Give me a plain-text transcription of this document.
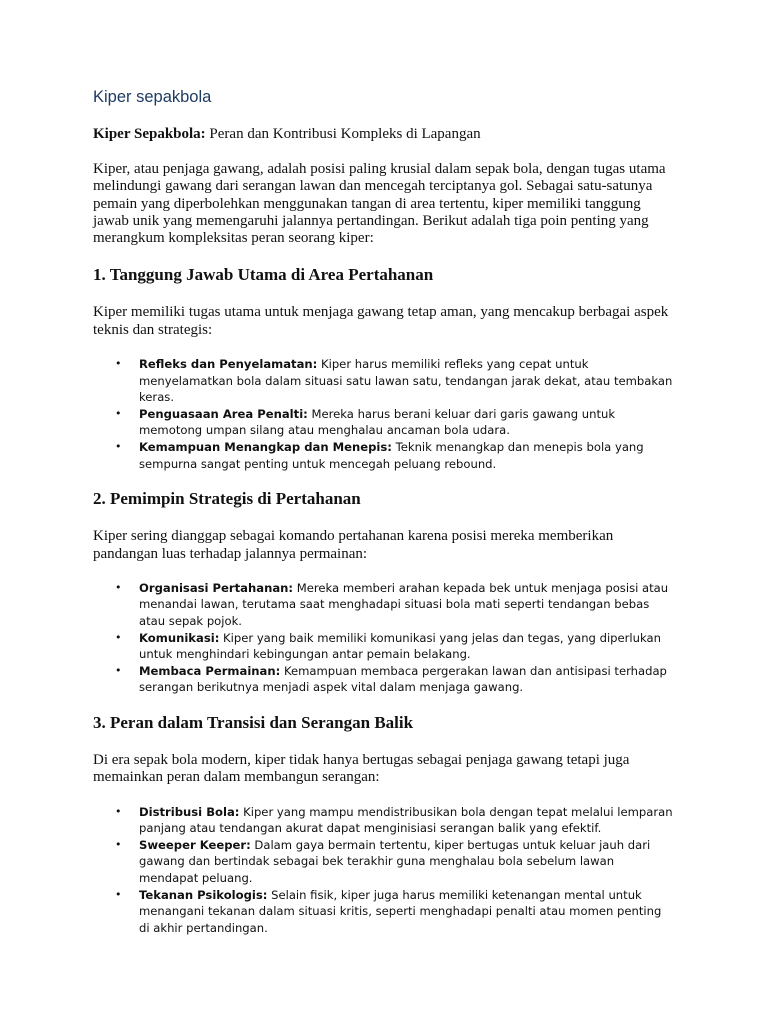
Kiper sepakbola
Kiper Sepakbola: Peran dan Kontribusi Kompleks di Lapangan
Kiper, atau penjaga gawang, adalah posisi paling krusial dalam sepak bola, dengan tugas utama melindungi gawang dari serangan lawan dan mencegah terciptanya gol. Sebagai satu-satunya pemain yang diperbolehkan menggunakan tangan di area tertentu, kiper memiliki tanggung jawab unik yang memengaruhi jalannya pertandingan. Berikut adalah tiga poin penting yang merangkum kompleksitas peran seorang kiper:
1. Tanggung Jawab Utama di Area Pertahanan
Kiper memiliki tugas utama untuk menjaga gawang tetap aman, yang mencakup berbagai aspek teknis dan strategis:
• Refleks dan Penyelamatan: Kiper harus memiliki refleks yang cepat untuk menyelamatkan bola dalam situasi satu lawan satu, tendangan jarak dekat, atau tembakan keras.
• Penguasaan Area Penalti: Mereka harus berani keluar dari garis gawang untuk memotong umpan silang atau menghalau ancaman bola udara.
• Kemampuan Menangkap dan Menepis: Teknik menangkap dan menepis bola yang sempurna sangat penting untuk mencegah peluang rebound.
2. Pemimpin Strategis di Pertahanan
Kiper sering dianggap sebagai komando pertahanan karena posisi mereka memberikan pandangan luas terhadap jalannya permainan:
• Organisasi Pertahanan: Mereka memberi arahan kepada bek untuk menjaga posisi atau menandai lawan, terutama saat menghadapi situasi bola mati seperti tendangan bebas atau sepak pojok.
• Komunikasi: Kiper yang baik memiliki komunikasi yang jelas dan tegas, yang diperlukan untuk menghindari kebingungan antar pemain belakang.
• Membaca Permainan: Kemampuan membaca pergerakan lawan dan antisipasi terhadap serangan berikutnya menjadi aspek vital dalam menjaga gawang.
3. Peran dalam Transisi dan Serangan Balik
Di era sepak bola modern, kiper tidak hanya bertugas sebagai penjaga gawang tetapi juga memainkan peran dalam membangun serangan:
• Distribusi Bola: Kiper yang mampu mendistribusikan bola dengan tepat melalui lemparan panjang atau tendangan akurat dapat menginisiasi serangan balik yang efektif.
• Sweeper Keeper: Dalam gaya bermain tertentu, kiper bertugas untuk keluar jauh dari gawang dan bertindak sebagai bek terakhir guna menghalau bola sebelum lawan mendapat peluang.
• Tekanan Psikologis: Selain fisik, kiper juga harus memiliki ketenangan mental untuk menangani tekanan dalam situasi kritis, seperti menghadapi penalti atau momen penting di akhir pertandingan.
